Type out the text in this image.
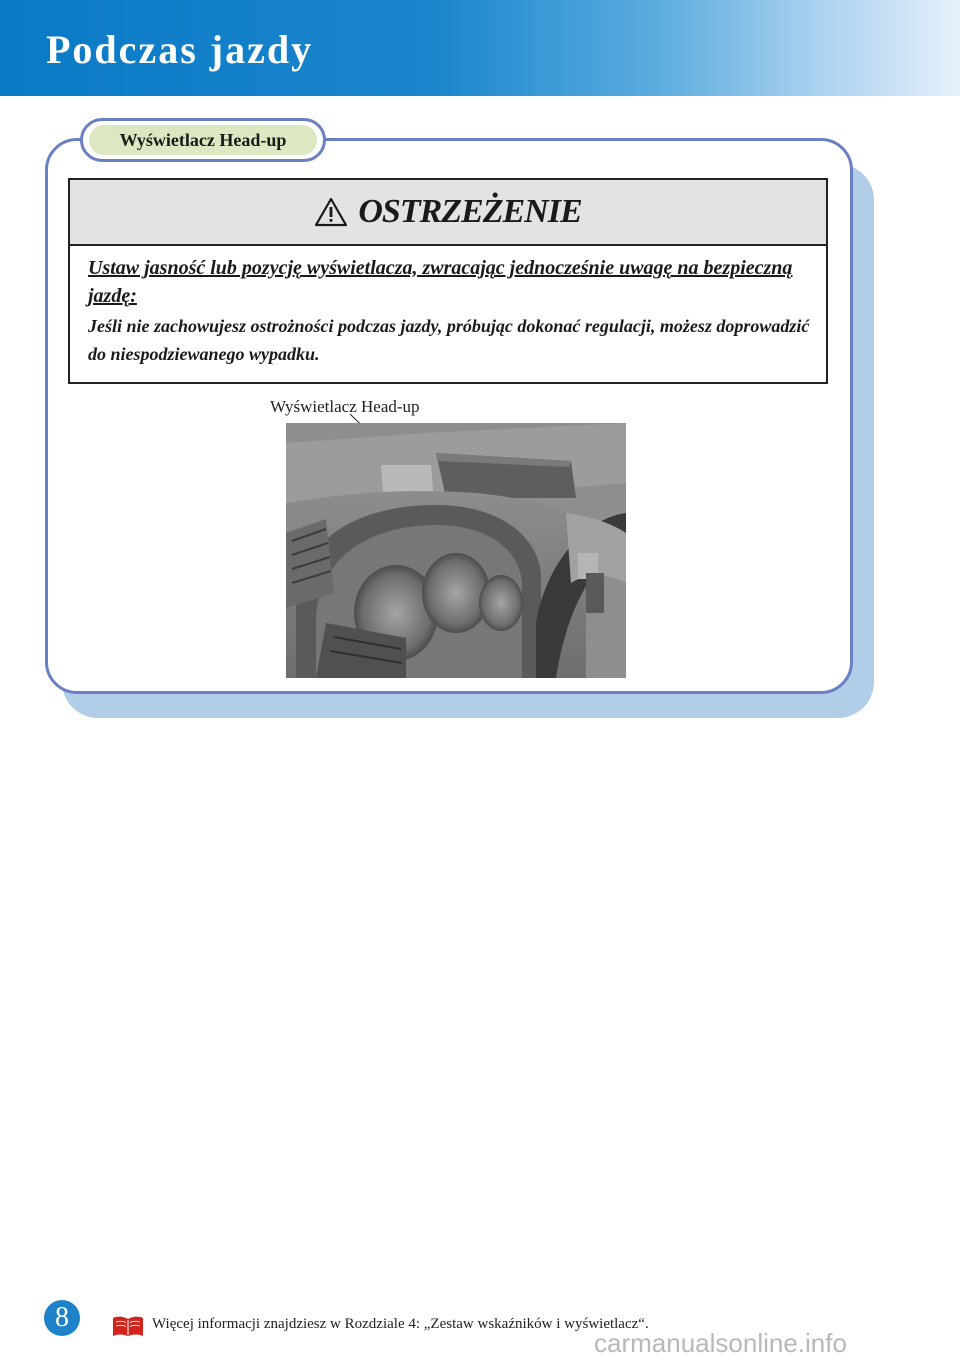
Podczas jazdy
Wyświetlacz Head-up
OSTRZEŻENIE

Ustaw jasność lub pozycję wyświetlacza, zwracając jednocześnie uwagę na bezpieczną jazdę:

Jeśli nie zachowujesz ostrożności podczas jazdy, próbując dokonać regulacji, możesz doprowadzić do niespodziewanego wypadku.

Wyświetlacz Head-up
8	Więcej informacji znajdziesz w Rozdziale 4: „Zestaw wskaźników i wyświetlacz“.
carmanualsonline.info
